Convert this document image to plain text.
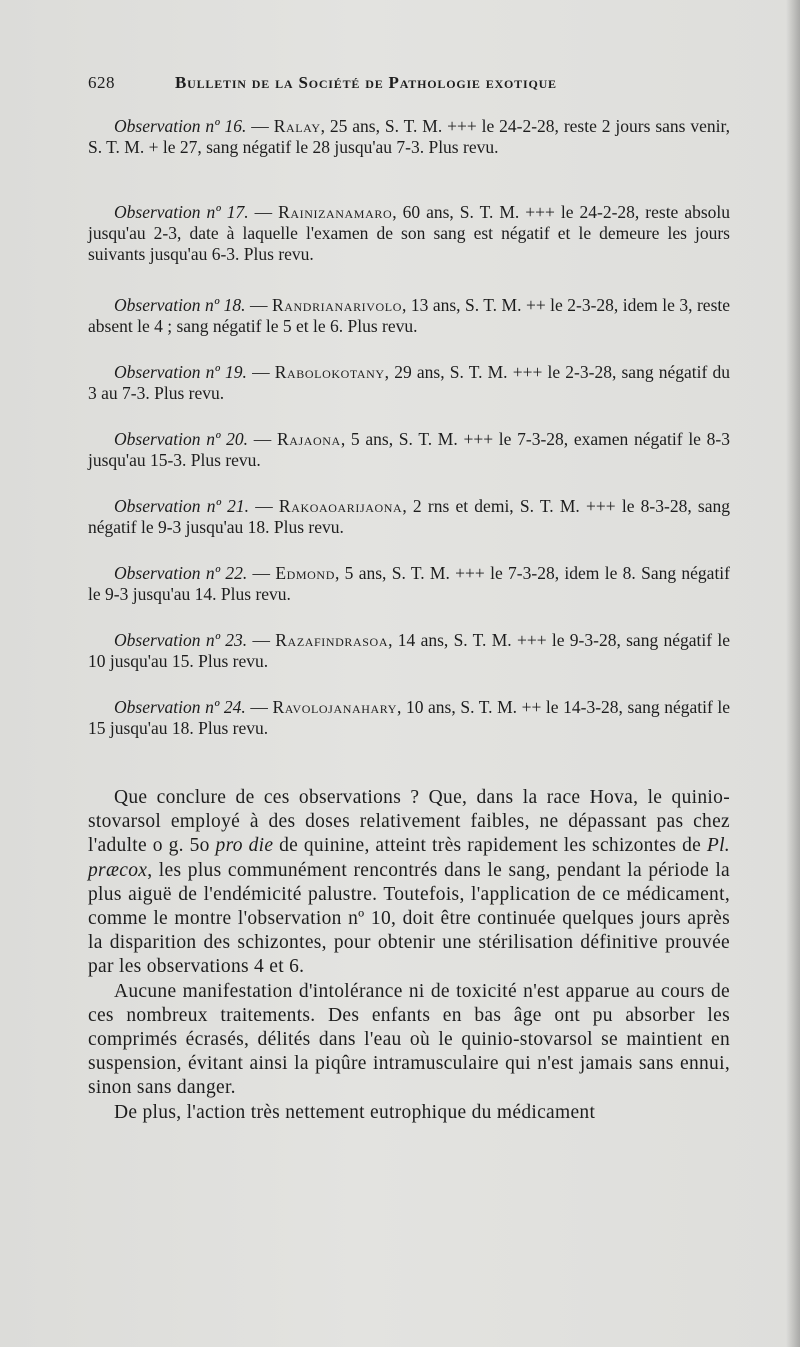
628	Bulletin de la Société de Pathologie exotique
Observation nº 16. — Ralay, 25 ans, S. T. M. +++ le 24-2-28, reste 2 jours sans venir, S. T. M. + le 27, sang négatif le 28 jusqu'au 7-3. Plus revu.
Observation nº 17. — Rainizanamaro, 60 ans, S. T. M. +++ le 24-2-28, reste absolu jusqu'au 2-3, date à laquelle l'examen de son sang est négatif et le demeure les jours suivants jusqu'au 6-3. Plus revu.
Observation nº 18. — Randrianarivolo, 13 ans, S. T. M. ++ le 2-3-28, idem le 3, reste absent le 4 ; sang négatif le 5 et le 6. Plus revu.
Observation nº 19. — Rabolokotany, 29 ans, S. T. M. +++ le 2-3-28, sang négatif du 3 au 7-3. Plus revu.
Observation nº 20. — Rajaona, 5 ans, S. T. M. +++ le 7-3-28, examen négatif le 8-3 jusqu'au 15-3. Plus revu.
Observation nº 21. — Rakoaoarijaona, 2 rns et demi, S. T. M. +++ le 8-3-28, sang négatif le 9-3 jusqu'au 18. Plus revu.
Observation nº 22. — Edmond, 5 ans, S. T. M. +++ le 7-3-28, idem le 8. Sang négatif le 9-3 jusqu'au 14. Plus revu.
Observation nº 23. — Razafindrasoa, 14 ans, S. T. M. +++ le 9-3-28, sang négatif le 10 jusqu'au 15. Plus revu.
Observation nº 24. — Ravolojanahary, 10 ans, S. T. M. ++ le 14-3-28, sang négatif le 15 jusqu'au 18. Plus revu.

Que conclure de ces observations ? Que, dans la race Hova, le quinio-stovarsol employé à des doses relativement faibles, ne dépassant pas chez l'adulte o g. 5o pro die de quinine, atteint très rapidement les schizontes de Pl. præcox, les plus communément rencontrés dans le sang, pendant la période la plus aiguë de l'endémicité palustre. Toutefois, l'application de ce médicament, comme le montre l'observation nº 10, doit être continuée quelques jours après la disparition des schizontes, pour obtenir une stérilisation définitive prouvée par les observations 4 et 6.

Aucune manifestation d'intolérance ni de toxicité n'est apparue au cours de ces nombreux traitements. Des enfants en bas âge ont pu absorber les comprimés écrasés, délités dans l'eau où le quinio-stovarsol se maintient en suspension, évitant ainsi la piqûre intramusculaire qui n'est jamais sans ennui, sinon sans danger.

De plus, l'action très nettement eutrophique du médicament
